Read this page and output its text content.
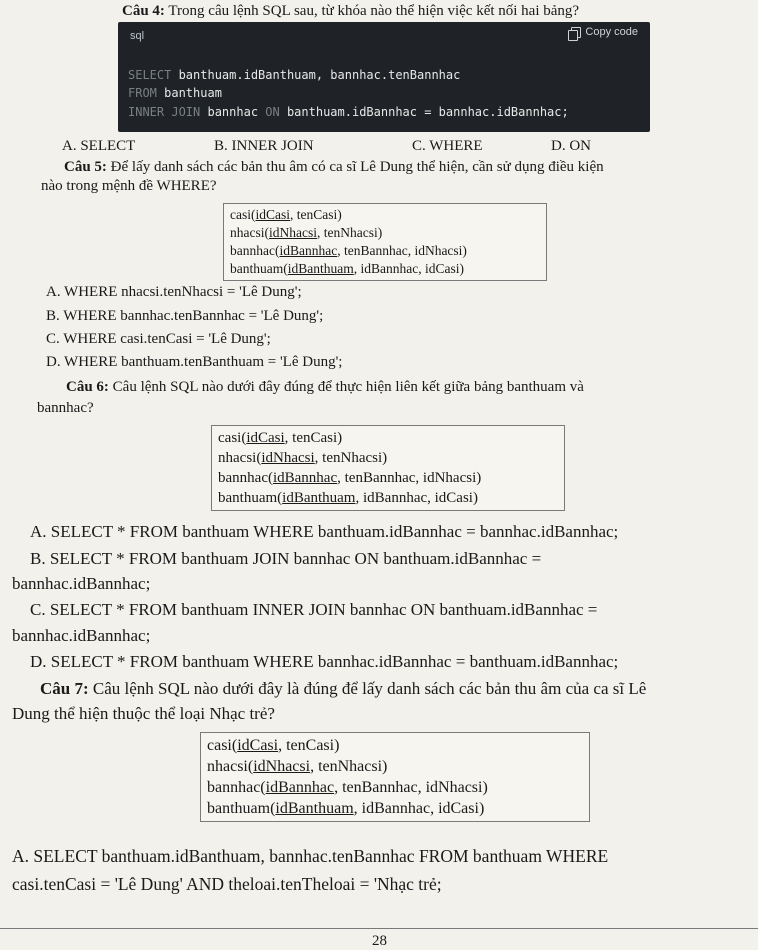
Câu 4: Trong câu lệnh SQL sau, từ khóa nào thể hiện việc kết nối hai bảng?
sql	Copy code
SELECT banthuam.idBanthuam, bannhac.tenBannhac
FROM banthuam
INNER JOIN bannhac ON banthuam.idBannhac = bannhac.idBannhac;
A. SELECT	B. INNER JOIN	C. WHERE	D. ON
Câu 5: Để lấy danh sách các bản thu âm có ca sĩ Lê Dung thể hiện, cần sử dụng điều kiện
nào trong mệnh đề WHERE?
casi(idCasi, tenCasi)
nhacsi(idNhacsi, tenNhacsi)
bannhac(idBannhac, tenBannhac, idNhacsi)
banthuam(idBanthuam, idBannhac, idCasi)
A. WHERE nhacsi.tenNhacsi = 'Lê Dung';
B. WHERE bannhac.tenBannhac = 'Lê Dung';
C. WHERE casi.tenCasi = 'Lê Dung';
D. WHERE banthuam.tenBanthuam = 'Lê Dung';
Câu 6: Câu lệnh SQL nào dưới đây đúng để thực hiện liên kết giữa bảng banthuam và
bannhac?
casi(idCasi, tenCasi)
nhacsi(idNhacsi, tenNhacsi)
bannhac(idBannhac, tenBannhac, idNhacsi)
banthuam(idBanthuam, idBannhac, idCasi)
A. SELECT * FROM banthuam WHERE banthuam.idBannhac = bannhac.idBannhac;
B. SELECT * FROM banthuam JOIN bannhac ON banthuam.idBannhac =
bannhac.idBannhac;
C. SELECT * FROM banthuam INNER JOIN bannhac ON banthuam.idBannhac =
bannhac.idBannhac;
D. SELECT * FROM banthuam WHERE bannhac.idBannhac = banthuam.idBannhac;
Câu 7: Câu lệnh SQL nào dưới đây là đúng để lấy danh sách các bản thu âm của ca sĩ Lê
Dung thể hiện thuộc thể loại Nhạc trẻ?
casi(idCasi, tenCasi)
nhacsi(idNhacsi, tenNhacsi)
bannhac(idBannhac, tenBannhac, idNhacsi)
banthuam(idBanthuam, idBannhac, idCasi)
A. SELECT banthuam.idBanthuam, bannhac.tenBannhac FROM banthuam WHERE
casi.tenCasi = 'Lê Dung' AND theloai.tenTheloai = 'Nhạc trẻ;
28
